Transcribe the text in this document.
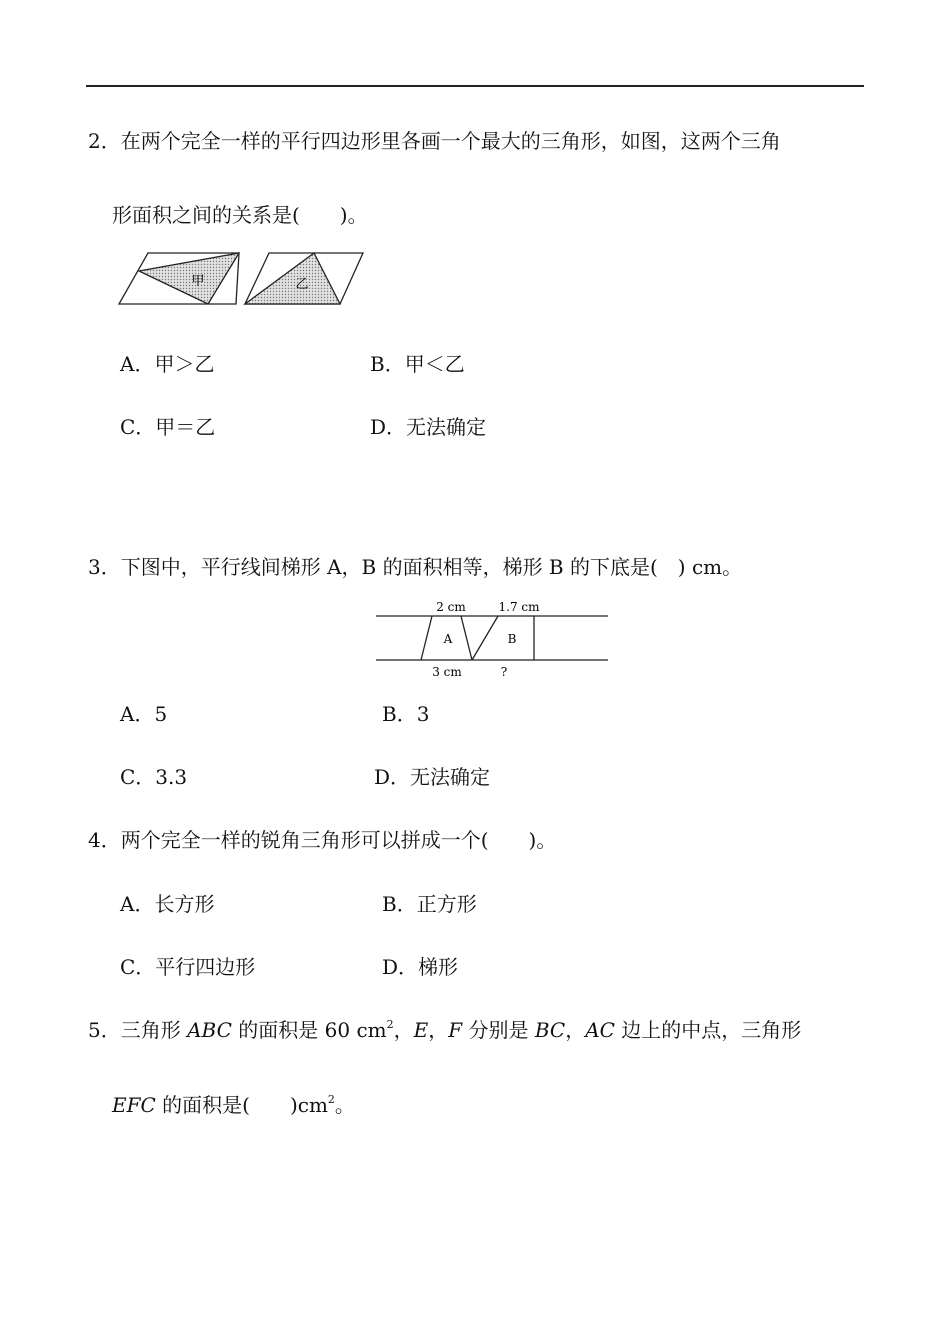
2．在两个完全一样的平行四边形里各画一个最大的三角形，如图，这两个三角
形面积之间的关系是(　　)。
甲	乙
A．甲＞乙	B．甲＜乙
C．甲＝乙	D．无法确定
3．下图中，平行线间梯形 A，B 的面积相等，梯形 B 的下底是(　) cm。
2 cm	1.7 cm
A	B
3 cm	?
A．5	B．3
C．3.3	D．无法确定
4．两个完全一样的锐角三角形可以拼成一个(　　)。
A．长方形	B．正方形
C．平行四边形	D．梯形
5．三角形 ABC 的面积是 60 $cm^2$，E，F 分别是 BC，AC 边上的中点，三角形
EFC 的面积是(　　)$cm^2$。
